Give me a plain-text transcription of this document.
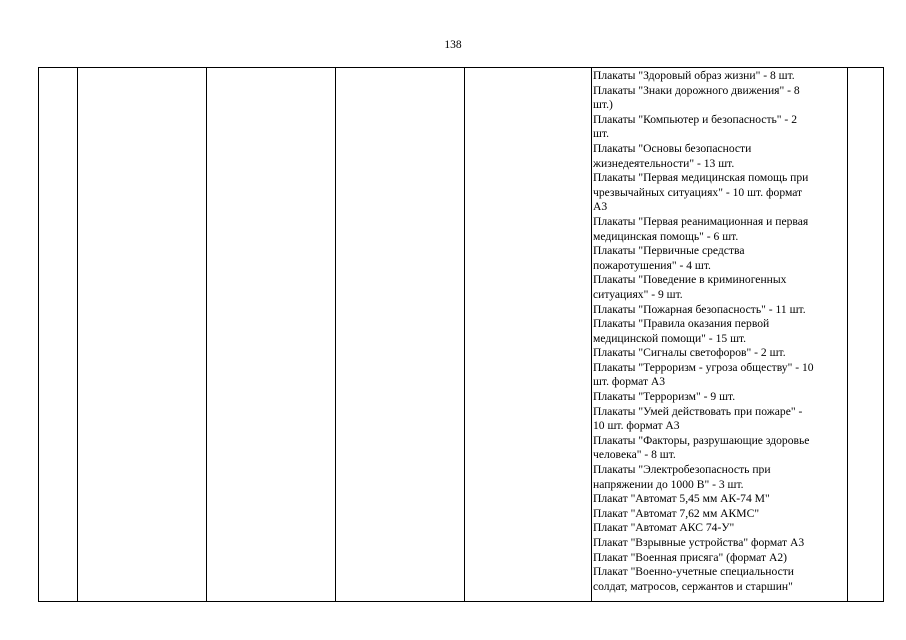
138
Плакаты "Здоровый образ жизни" - 8 шт.
Плакаты "Знаки дорожного движения" - 8
шт.)
Плакаты "Компьютер и безопасность" - 2
шт.
Плакаты "Основы безопасности
жизнедеятельности" - 13 шт.
Плакаты "Первая медицинская помощь при
чрезвычайных ситуациях" - 10 шт. формат
А3
Плакаты "Первая реанимационная и первая
медицинская помощь" - 6 шт.
Плакаты "Первичные средства
пожаротушения" - 4 шт.
Плакаты "Поведение в криминогенных
ситуациях" - 9 шт.
Плакаты "Пожарная безопасность" - 11 шт.
Плакаты "Правила оказания первой
медицинской помощи" - 15 шт.
Плакаты "Сигналы светофоров" - 2 шт.
Плакаты "Терроризм - угроза обществу" - 10
шт. формат А3
Плакаты "Терроризм" - 9 шт.
Плакаты "Умей действовать при пожаре" -
10 шт. формат А3
Плакаты "Факторы, разрушающие здоровье
человека" - 8 шт.
Плакаты "Электробезопасность при
напряжении до 1000 В" - 3 шт.
Плакат "Автомат 5,45 мм АК-74 М"
Плакат "Автомат 7,62 мм АКМС"
Плакат "Автомат АКС 74-У"
Плакат "Взрывные устройства" формат А3
Плакат "Военная присяга" (формат А2)
Плакат "Военно-учетные специальности
солдат, матросов, сержантов и старшин"
